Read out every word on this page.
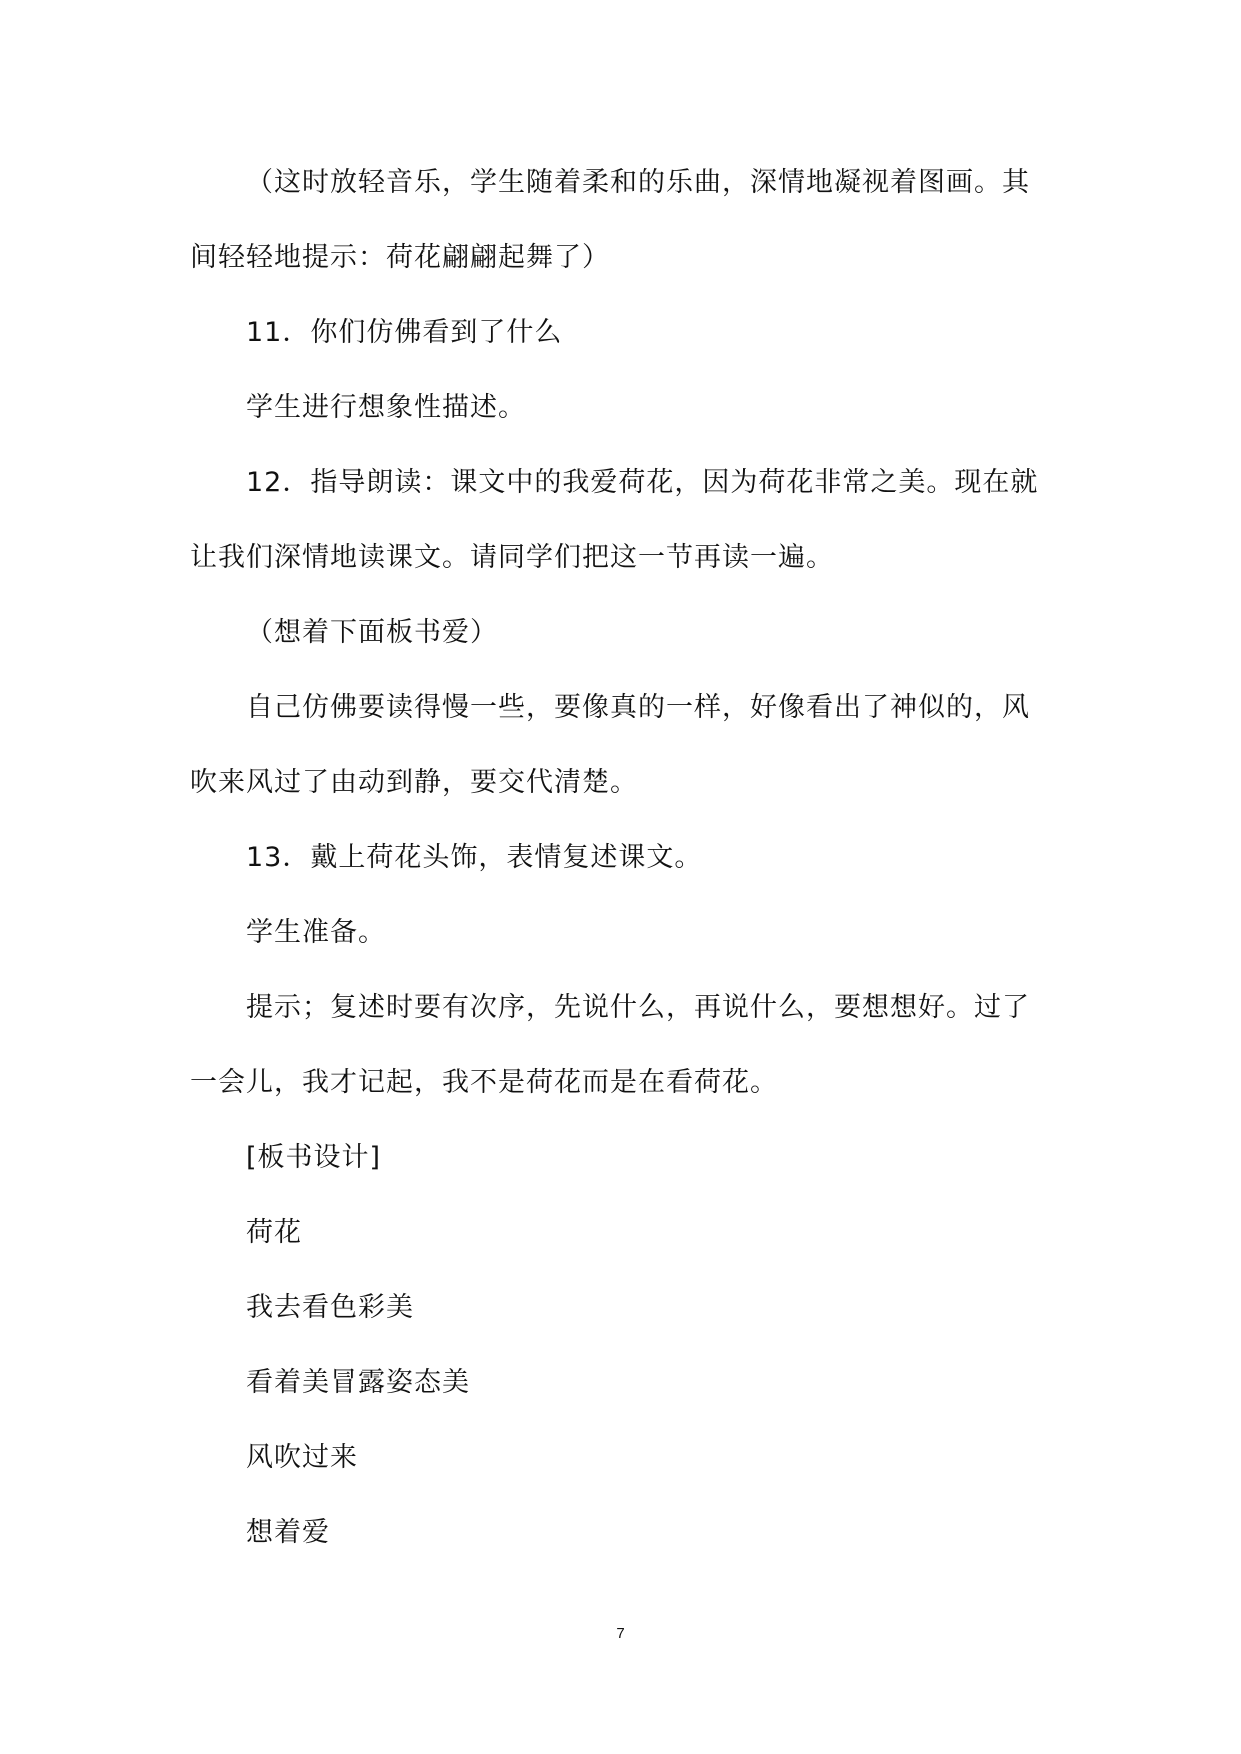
（这时放轻音乐，学生随着柔和的乐曲，深情地凝视着图画。其间轻轻地提示：荷花翩翩起舞了）

11．你们仿佛看到了什么

学生进行想象性描述。

12．指导朗读：课文中的我爱荷花，因为荷花非常之美。现在就让我们深情地读课文。请同学们把这一节再读一遍。

（想着下面板书爱）

自己仿佛要读得慢一些，要像真的一样，好像看出了神似的，风吹来风过了由动到静，要交代清楚。

13．戴上荷花头饰，表情复述课文。

学生准备。

提示；复述时要有次序，先说什么，再说什么，要想想好。过了一会儿，我才记起，我不是荷花而是在看荷花。

[板书设计]

荷花

我去看色彩美

看着美冒露姿态美

风吹过来

想着爱

7
